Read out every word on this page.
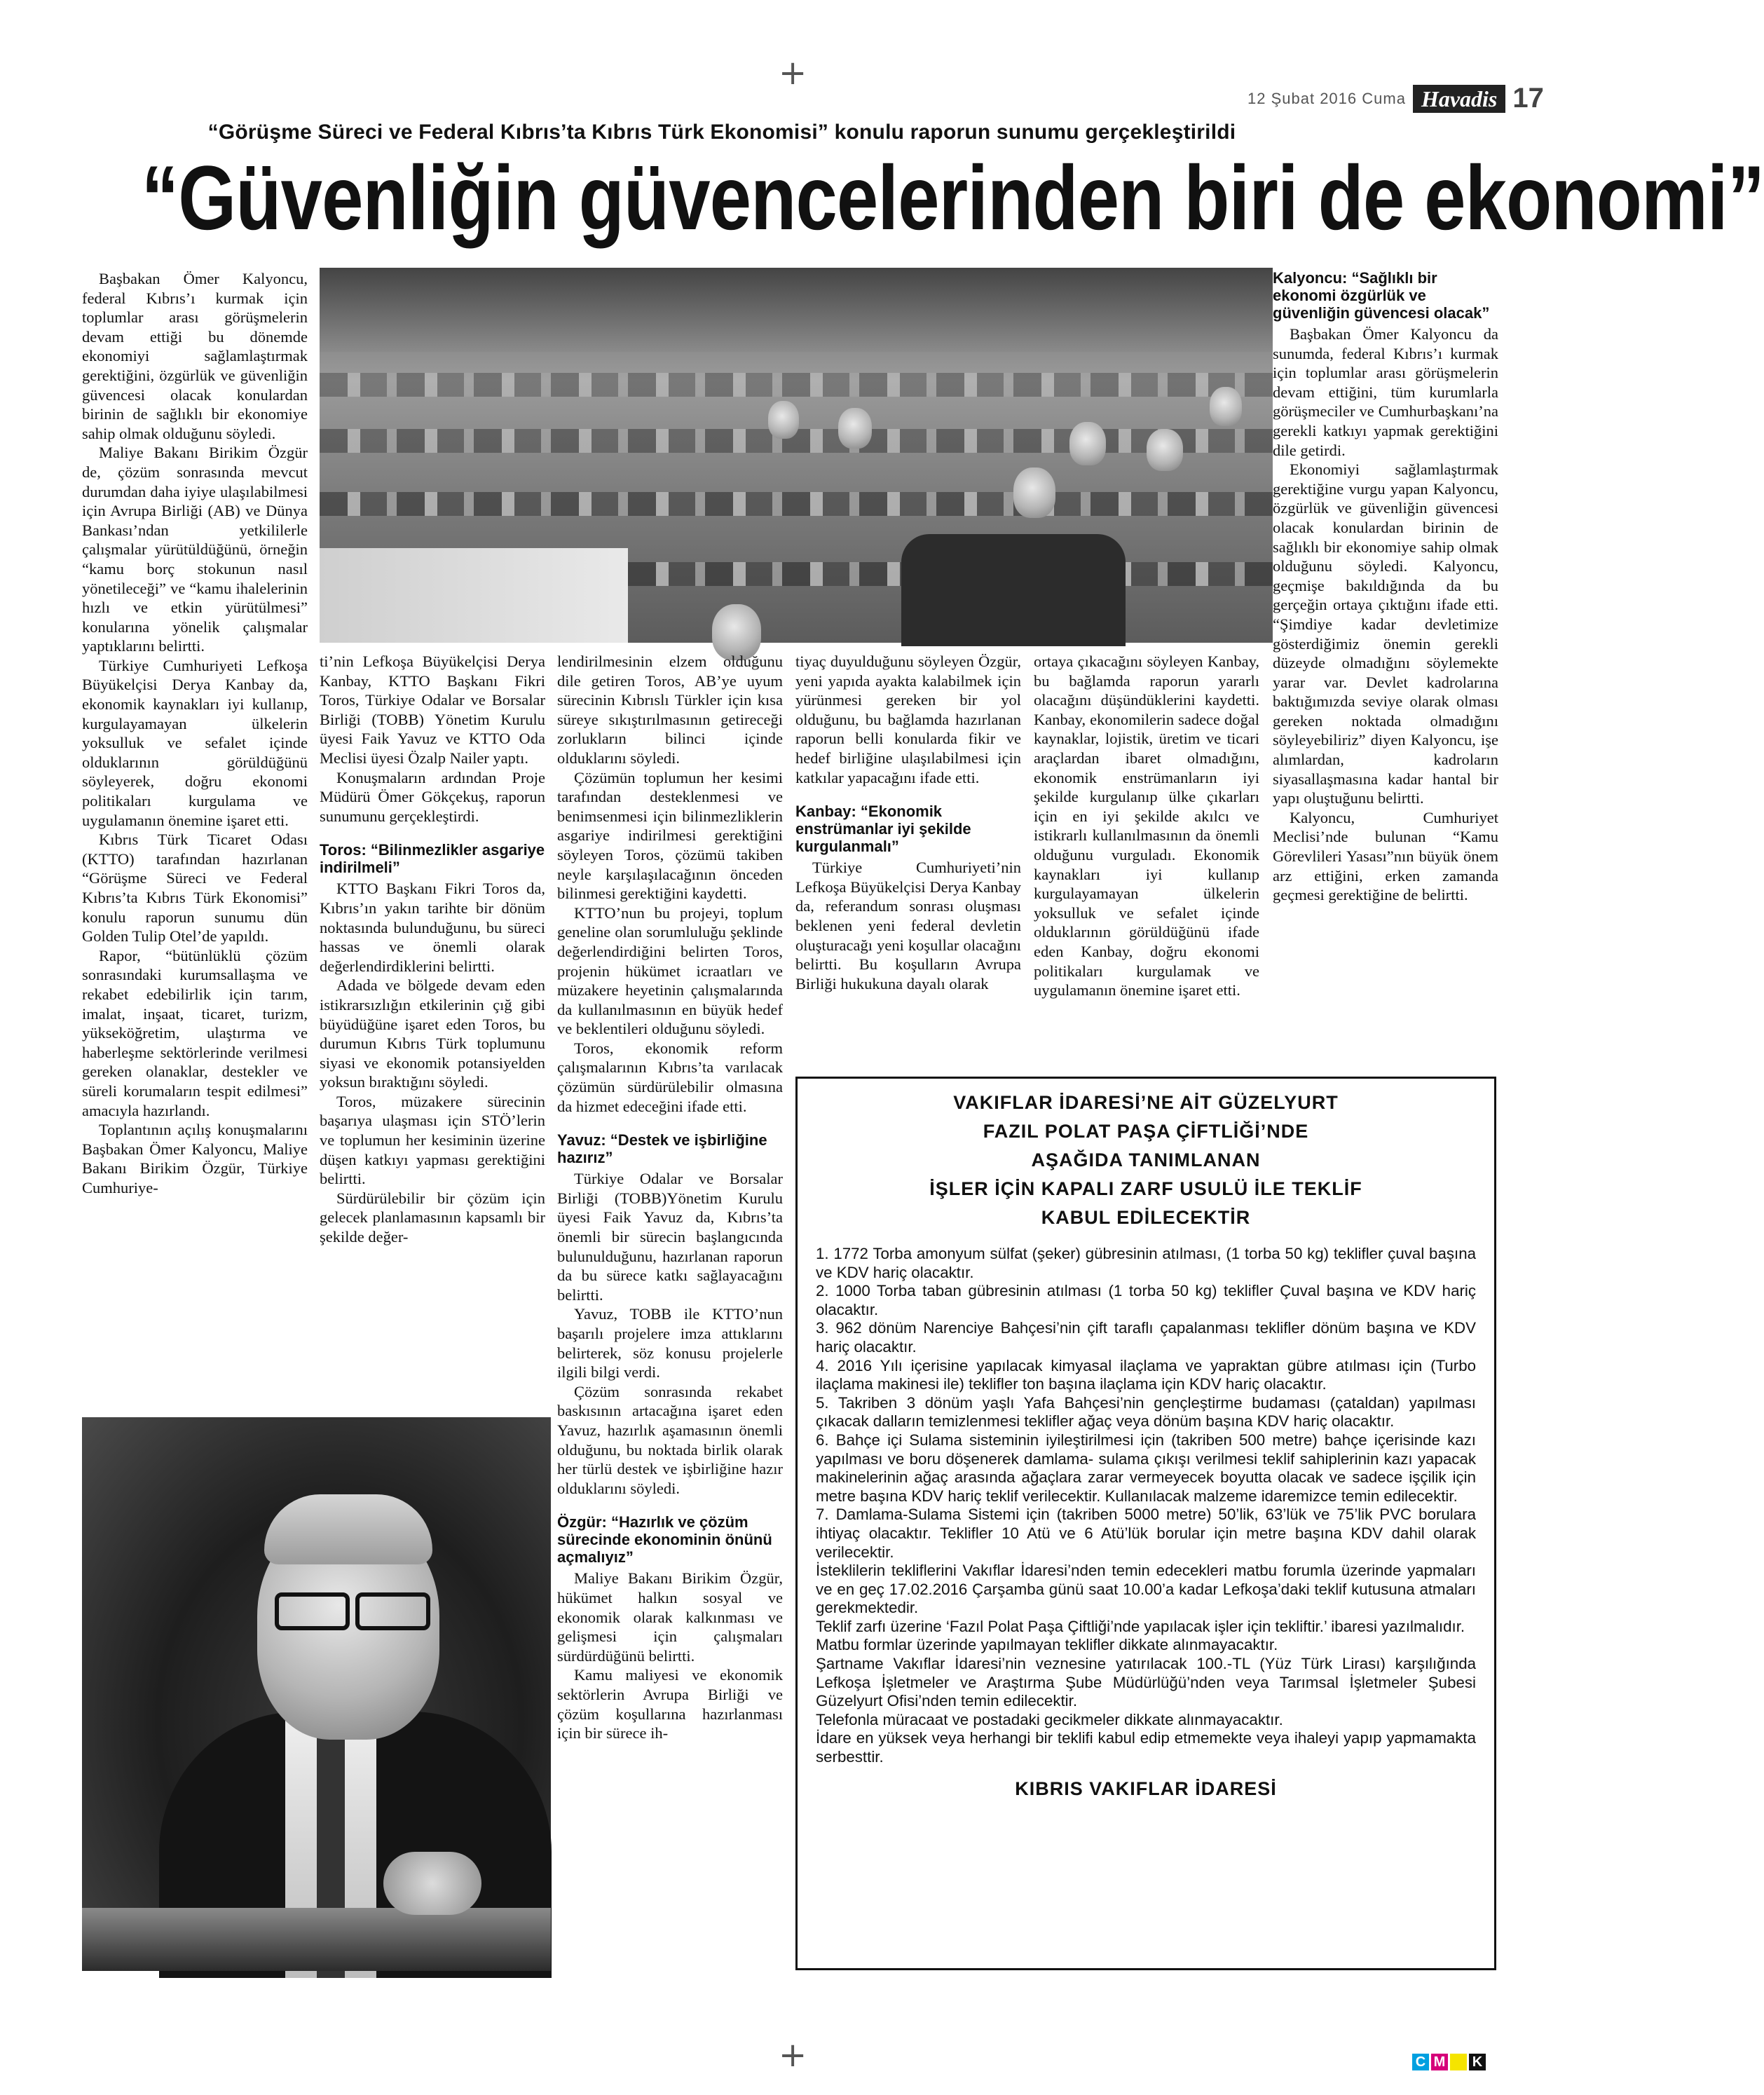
+
+
12 Şubat 2016 Cuma Havadis 17
“Görüşme Süreci ve Federal Kıbrıs’ta Kıbrıs Türk Ekonomisi” konulu raporun sunumu gerçekleştirildi
“Güvenliğin güvencelerinden biri de ekonomi”

Başbakan Ömer Kalyoncu, federal Kıbrıs’ı kurmak için toplumlar arası görüşmelerin devam ettiği bu dönemde ekonomiyi sağlamlaştırmak gerektiğini, özgürlük ve güvenliğin güvencesi olacak konulardan birinin de sağlıklı bir ekonomiye sahip olmak olduğunu söyledi.

Maliye Bakanı Birikim Özgür de, çözüm sonrasında mevcut durumdan daha iyiye ulaşılabilmesi için Avrupa Birliği (AB) ve Dünya Bankası’ndan yetkililerle çalışmalar yürütüldüğünü, örneğin “kamu borç stokunun nasıl yönetileceği” ve “kamu ihalelerinin hızlı ve etkin yürütülmesi” konularına yönelik çalışmalar yaptıklarını belirtti.

Türkiye Cumhuriyeti Lefkoşa Büyükelçisi Derya Kanbay da, ekonomik kaynakları iyi kullanıp, kurgulayamayan ülkelerin yoksulluk ve sefalet içinde olduklarının görüldüğünü söyleyerek, doğru ekonomi politikaları kurgulama ve uygulamanın önemine işaret etti.

Kıbrıs Türk Ticaret Odası (KTTO) tarafından hazırlanan “Görüşme Süreci ve Federal Kıbrıs’ta Kıbrıs Türk Ekonomisi” konulu raporun sunumu dün Golden Tulip Otel’de yapıldı.

Rapor, “bütünlüklü çözüm sonrasındaki kurumsallaşma ve rekabet edebilirlik için tarım, imalat, inşaat, ticaret, turizm, yükseköğretim, ulaştırma ve haberleşme sektörlerinde verilmesi gereken olanaklar, destekler ve süreli korumaların tespit edilmesi” amacıyla hazırlandı.

Toplantının açılış konuşmalarını Başbakan Ömer Kalyoncu, Maliye Bakanı Birikim Özgür, Türkiye Cumhuriye-

ti’nin Lefkoşa Büyükelçisi Derya Kanbay, KTTO Başkanı Fikri Toros, Türkiye Odalar ve Borsalar Birliği (TOBB) Yönetim Kurulu üyesi Faik Yavuz ve KTTO Oda Meclisi üyesi Özalp Nailer yaptı.

Konuşmaların ardından Proje Müdürü Ömer Gökçekuş, raporun sunumunu gerçekleştirdi.

Toros: “Bilinmezlikler asgariye indirilmeli”

KTTO Başkanı Fikri Toros da, Kıbrıs’ın yakın tarihte bir dönüm noktasında bulunduğunu, bu süreci hassas ve önemli olarak değerlendirdiklerini belirtti.

Adada ve bölgede devam eden istikrarsızlığın etkilerinin çığ gibi büyüdüğüne işaret eden Toros, bu durumun Kıbrıs Türk toplumunu siyasi ve ekonomik potansiyelden yoksun bıraktığını söyledi.

Toros, müzakere sürecinin başarıya ulaşması için STÖ’lerin ve toplumun her kesiminin üzerine düşen katkıyı yapması gerektiğini belirtti.

Sürdürülebilir bir çözüm için gelecek planlamasının kapsamlı bir şekilde değer-

lendirilmesinin elzem olduğunu dile getiren Toros, AB’ye uyum sürecinin Kıbrıslı Türkler için kısa süreye sıkıştırılmasının getireceği zorlukların bilinci içinde olduklarını söyledi.

Çözümün toplumun her kesimi tarafından desteklenmesi ve benimsenmesi için bilinmezliklerin asgariye indirilmesi gerektiğini söyleyen Toros, çözümü takiben neyle karşılaşılacağının önceden bilinmesi gerektiğini kaydetti.

KTTO’nun bu projeyi, toplum geneline olan sorumluluğu şeklinde değerlendirdiğini belirten Toros, projenin hükümet icraatları ve müzakere heyetinin çalışmalarında da kullanılmasının en büyük hedef ve beklentileri olduğunu söyledi.

Toros, ekonomik reform çalışmalarının Kıbrıs’ta varılacak çözümün sürdürülebilir olmasına da hizmet edeceğini ifade etti.

Yavuz: “Destek ve işbirliğine hazırız”

Türkiye Odalar ve Borsalar Birliği (TOBB)Yönetim Kurulu üyesi Faik Yavuz da, Kıbrıs’ta önemli bir sürecin başlangıcında bulunulduğunu, hazırlanan raporun da bu sürece katkı sağlayacağını belirtti.

Yavuz, TOBB ile KTTO’nun başarılı projelere imza attıklarını belirterek, söz konusu projelerle ilgili bilgi verdi.

Çözüm sonrasında rekabet baskısının artacağına işaret eden Yavuz, hazırlık aşamasının önemli olduğunu, bu noktada birlik olarak her türlü destek ve işbirliğine hazır olduklarını söyledi.

Özgür: “Hazırlık ve çözüm sürecinde ekonominin önünü açmalıyız”

Maliye Bakanı Birikim Özgür, hükümet halkın sosyal ve ekonomik olarak kalkınması ve gelişmesi için çalışmaları sürdürdüğünü belirtti.

Kamu maliyesi ve ekonomik sektörlerin Avrupa Birliği ve çözüm koşullarına hazırlanması için bir sürece ih-

tiyaç duyulduğunu söyleyen Özgür, yeni yapıda ayakta kalabilmek için yürünmesi gereken bir yol olduğunu, bu bağlamda hazırlanan raporun belli konularda fikir ve hedef birliğine ulaşılabilmesi için katkılar yapacağını ifade etti.

Kanbay: “Ekonomik enstrümanlar iyi şekilde kurgulanmalı”

Türkiye Cumhuriyeti’nin Lefkoşa Büyükelçisi Derya Kanbay da, referandum sonrası oluşması beklenen yeni federal devletin oluşturacağı yeni koşullar olacağını belirtti. Bu koşulların Avrupa Birliği hukukuna dayalı olarak

ortaya çıkacağını söyleyen Kanbay, bu bağlamda raporun yararlı olacağını düşündüklerini kaydetti. Kanbay, ekonomilerin sadece doğal kaynaklar, lojistik, üretim ve ticari araçlardan ibaret olmadığını, ekonomik enstrümanların iyi şekilde kurgulanıp ülke çıkarları için en iyi şekilde akılcı ve istikrarlı kullanılmasının da önemli olduğunu vurguladı. Ekonomik kaynakları iyi kullanıp kurgulayamayan ülkelerin yoksulluk ve sefalet içinde olduklarının görüldüğünü ifade eden Kanbay, doğru ekonomi politikaları kurgulamak ve uygulamanın önemine işaret etti.

Kalyoncu: “Sağlıklı bir ekonomi özgürlük ve güvenliğin güvencesi olacak”

Başbakan Ömer Kalyoncu da sunumda, federal Kıbrıs’ı kurmak için toplumlar arası görüşmelerin devam ettiğini, tüm kurumlarla görüşmeciler ve Cumhurbaşkanı’na gerekli katkıyı yapmak gerektiğini dile getirdi.

Ekonomiyi sağlamlaştırmak gerektiğine vurgu yapan Kalyoncu, özgürlük ve güvenliğin güvencesi olacak konulardan birinin de sağlıklı bir ekonomiye sahip olmak olduğunu söyledi. Kalyoncu, geçmişe bakıldığında da bu gerçeğin ortaya çıktığını ifade etti. “Şimdiye kadar devletimize gösterdiğimiz önemin gerekli düzeyde olmadığını söylemekte yarar var. Devlet kadrolarına baktığımızda seviye olarak olması gereken noktada olmadığını söyleyebiliriz” diyen Kalyoncu, işe alımlardan, kadroların siyasallaşmasına kadar hantal bir yapı oluştuğunu belirtti.

Kalyoncu, Cumhuriyet Meclisi’nde bulunan “Kamu Görevlileri Yasası”nın büyük önem arz ettiğini, erken zamanda geçmesi gerektiğine de belirtti.

VAKIFLAR İDARESİ’NE AİT GÜZELYURT
FAZIL POLAT PAŞA ÇİFTLİĞİ’NDE
AŞAĞIDA TANIMLANAN
İŞLER İÇİN KAPALI ZARF USULÜ İLE TEKLİF
KABUL EDİLECEKTİR

1. 1772 Torba amonyum sülfat (şeker) gübresinin atılması, (1 torba 50 kg) teklifler çuval başına ve KDV hariç olacaktır.

2. 1000 Torba taban gübresinin atılması (1 torba 50 kg) teklifler Çuval başına ve KDV hariç olacaktır.

3. 962 dönüm Narenciye Bahçesi’nin çift taraflı çapalanması teklifler dönüm başına ve KDV hariç olacaktır.

4. 2016 Yılı içerisine yapılacak kimyasal ilaçlama ve yapraktan gübre atılması için (Turbo ilaçlama makinesi ile) teklifler ton başına ilaçlama için KDV hariç olacaktır.

5. Takriben 3 dönüm yaşlı Yafa Bahçesi’nin gençleştirme budaması (çataldan) yapılması çıkacak dalların temizlenmesi teklifler ağaç veya dönüm başına KDV hariç olacaktır.

6. Bahçe içi Sulama sisteminin iyileştirilmesi için (takriben 500 metre) bahçe içerisinde kazı yapılması ve boru döşenerek damlama- sulama çıkışı verilmesi teklif sahiplerinin kazı yapacak makinelerinin ağaç arasında ağaçlara zarar vermeyecek boyutta olacak ve sadece işçilik için metre başına KDV hariç teklif verilecektir. Kullanılacak malzeme idaremizce temin edilecektir.

7. Damlama-Sulama Sistemi için (takriben 5000 metre) 50’lik, 63’lük ve 75’lik PVC borulara ihtiyaç olacaktır. Teklifler 10 Atü ve 6 Atü’lük borular için metre başına KDV dahil olarak verilecektir.

İsteklilerin tekliflerini Vakıflar İdaresi’nden temin edecekleri matbu forumla üzerinde yapmaları ve en geç 17.02.2016 Çarşamba günü saat 10.00’a kadar Lefkoşa’daki teklif kutusuna atmaları gerekmektedir.

Teklif zarfı üzerine ‘Fazıl Polat Paşa Çiftliği’nde yapılacak işler için tekliftir.’ ibaresi yazılmalıdır.

Matbu formlar üzerinde yapılmayan teklifler dikkate alınmayacaktır.

Şartname Vakıflar İdaresi’nin veznesine yatırılacak 100.-TL (Yüz Türk Lirası) karşılığında Lefkoşa İşletmeler ve Araştırma Şube Müdürlüğü’nden veya Tarımsal İşletmeler Şubesi Güzelyurt Ofisi’nden temin edilecektir.

Telefonla müracaat ve postadaki gecikmeler dikkate alınmayacaktır.

İdare en yüksek veya herhangi bir teklifi kabul edip etmemekte veya ihaleyi yapıp yapmamakta serbesttir.

KIBRIS VAKIFLAR İDARESİ
C M Y K
